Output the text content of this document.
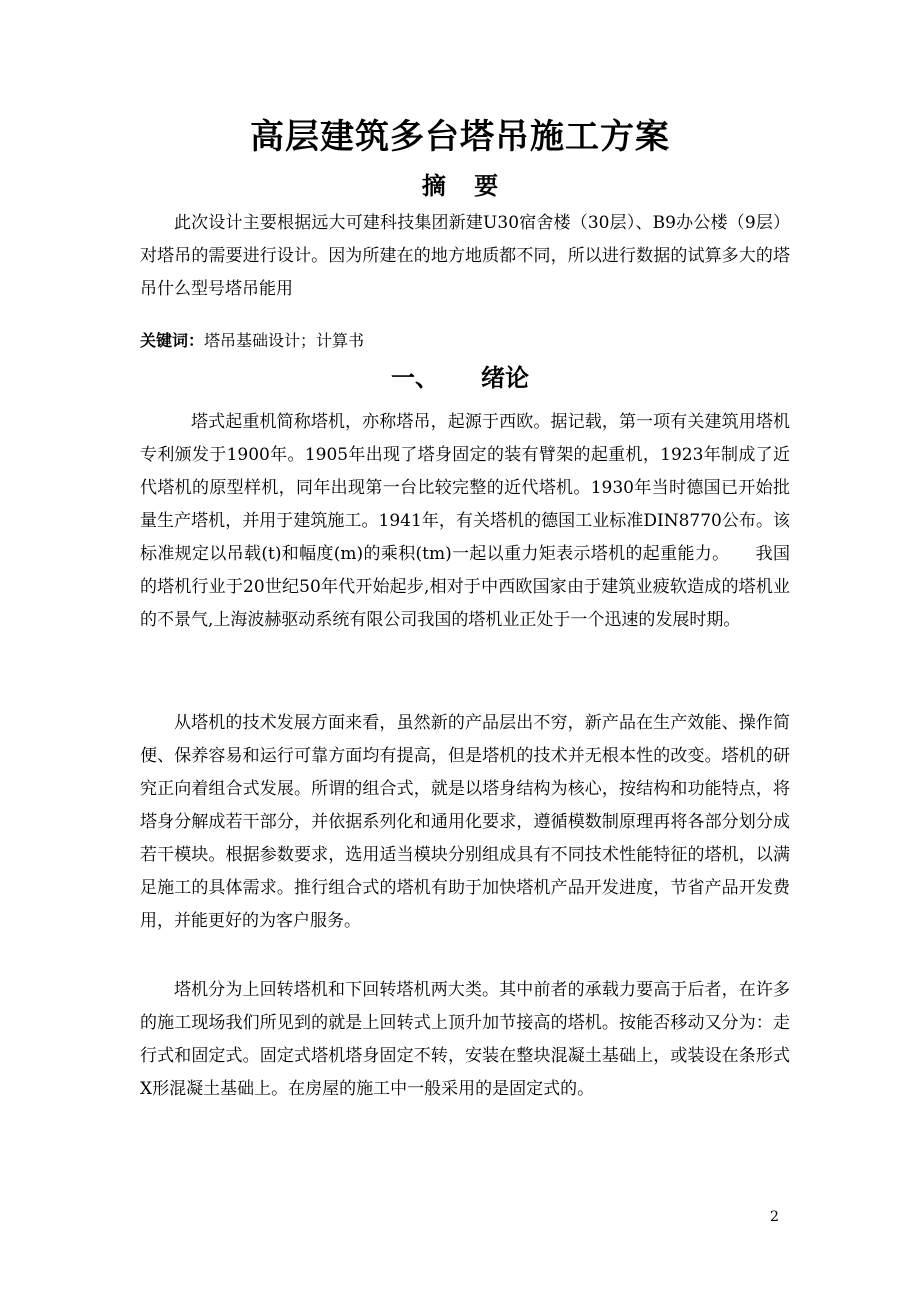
高层建筑多台塔吊施工方案
摘 要

此次设计主要根据远大可建科技集团新建U30宿舍楼（30层）、B9办公楼（9层）对塔吊的需要进行设计。因为所建在的地方地质都不同，所以进行数据的试算多大的塔吊什么型号塔吊能用

关键词：塔吊基础设计；计算书
一、 绪论

塔式起重机简称塔机，亦称塔吊，起源于西欧。据记载，第一项有关建筑用塔机专利颁发于1900年。1905年出现了塔身固定的装有臂架的起重机，1923年制成了近代塔机的原型样机，同年出现第一台比较完整的近代塔机。1930年当时德国已开始批量生产塔机，并用于建筑施工。1941年，有关塔机的德国工业标准DIN8770公布。该标准规定以吊载(t)和幅度(m)的乘积(tm)一起以重力矩表示塔机的起重能力。　　我国的塔机行业于20世纪50年代开始起步,相对于中西欧国家由于建筑业疲软造成的塔机业的不景气,上海波赫驱动系统有限公司我国的塔机业正处于一个迅速的发展时期。

从塔机的技术发展方面来看，虽然新的产品层出不穷，新产品在生产效能、操作简便、保养容易和运行可靠方面均有提高，但是塔机的技术并无根本性的改变。塔机的研究正向着组合式发展。所谓的组合式，就是以塔身结构为核心，按结构和功能特点，将塔身分解成若干部分，并依据系列化和通用化要求，遵循模数制原理再将各部分划分成若干模块。根据参数要求，选用适当模块分别组成具有不同技术性能特征的塔机，以满足施工的具体需求。推行组合式的塔机有助于加快塔机产品开发进度，节省产品开发费用，并能更好的为客户服务。

塔机分为上回转塔机和下回转塔机两大类。其中前者的承载力要高于后者，在许多的施工现场我们所见到的就是上回转式上顶升加节接高的塔机。按能否移动又分为：走行式和固定式。固定式塔机塔身固定不转，安装在整块混凝土基础上，或装设在条形式X形混凝土基础上。在房屋的施工中一般采用的是固定式的。

2
